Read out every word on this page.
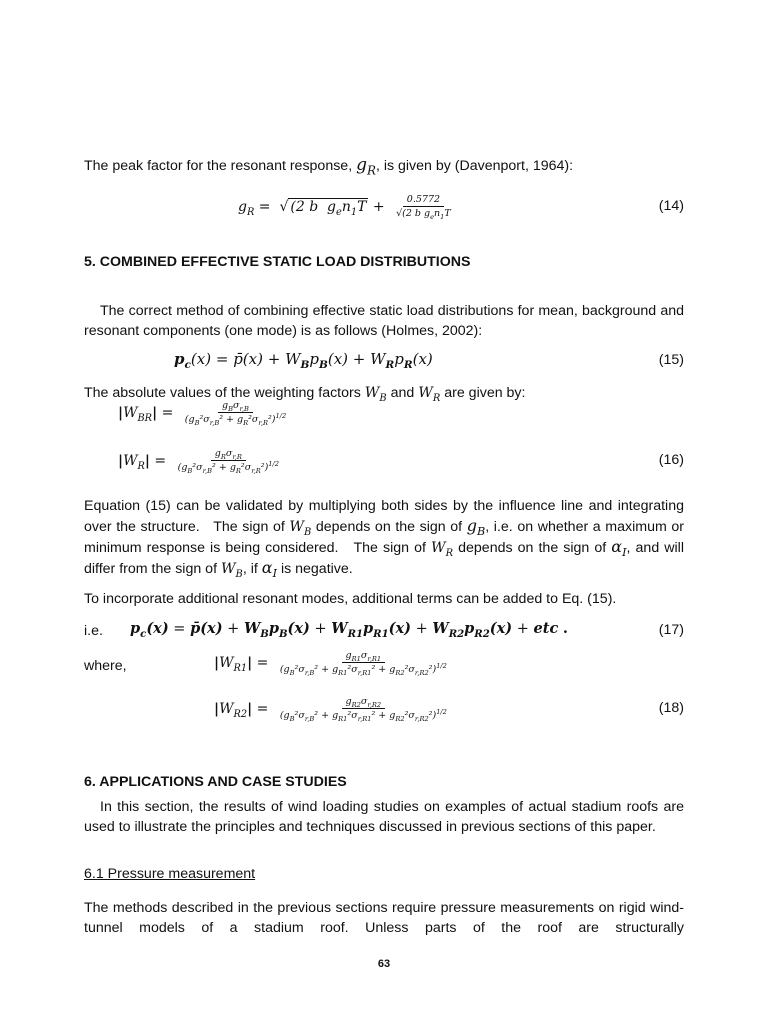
The peak factor for the resonant response, $g_R$, is given by (Davenport, 1964):
$g_R$ =  √ (2 b  $g_en_1T + \frac{0.5772}{√(2 b g_en_1T}$	(14)
5. COMBINED EFFECTIVE STATIC LOAD DISTRIBUTIONS
The correct method of combining effective static load distributions for mean, background and resonant components (one mode) is as follows (Holmes, 2002):
$p_c(x)$ = p̄(x) + $W_Bp_B(x) + W_Rp_R(x)$	(15)
The absolute values of the weighting factors $W_B$ and $W_R$ are given by:
$|W_{BR}| = \frac{g_B\sigma_{r,B}}{(g_B^2\sigma_{r,B}^2 + g_R^2\sigma_{r,R}^2)^{1/2}}$
$|W_R| = \frac{g_R\sigma_{r,R}}{(g_B^2\sigma_{r,B}^2 + g_R^2\sigma_{r,R}^2)^{1/2}}$	(16)
Equation (15) can be validated by multiplying both sides by the influence line and integrating over the structure.   The sign of $W_B$ depends on the sign of $g_B$, i.e. on whether a maximum or minimum response is being considered.   The sign of $W_R$ depends on the sign of $\alpha_I$, and will differ from the sign of $W_B$, if $\alpha_I$ is negative.
To incorporate additional resonant modes, additional terms can be added to Eq. (15).
i.e.	$p_c(x)$ = p̄(x) + $W_Bp_B(x) + W_{R1}p_{R1}(x) + W_{R2}p_{R2}(x)$ + etc .	(17)
where,	$|W_{R1}| = \frac{g_{R1}\sigma_{r,R1}}{(g_B^2\sigma_{r,B}^2 + g_{R1}^2\sigma_{r,R1}^2 + g_{R2}^2\sigma_{r,R2}^2)^{1/2}}$
$|W_{R2}| = \frac{g_{R2}\sigma_{r,R2}}{(g_B^2\sigma_{r,B}^2 + g_{R1}^2\sigma_{r,R1}^2 + g_{R2}^2\sigma_{r,R2}^2)^{1/2}}$	(18)
6. APPLICATIONS AND CASE STUDIES
In this section, the results of wind loading studies on examples of actual stadium roofs are used to illustrate the principles and techniques discussed in previous sections of this paper.
6.1 Pressure measurement
The methods described in the previous sections require pressure measurements on rigid wind-tunnel models of a stadium roof. Unless parts of the roof are structurally
63
